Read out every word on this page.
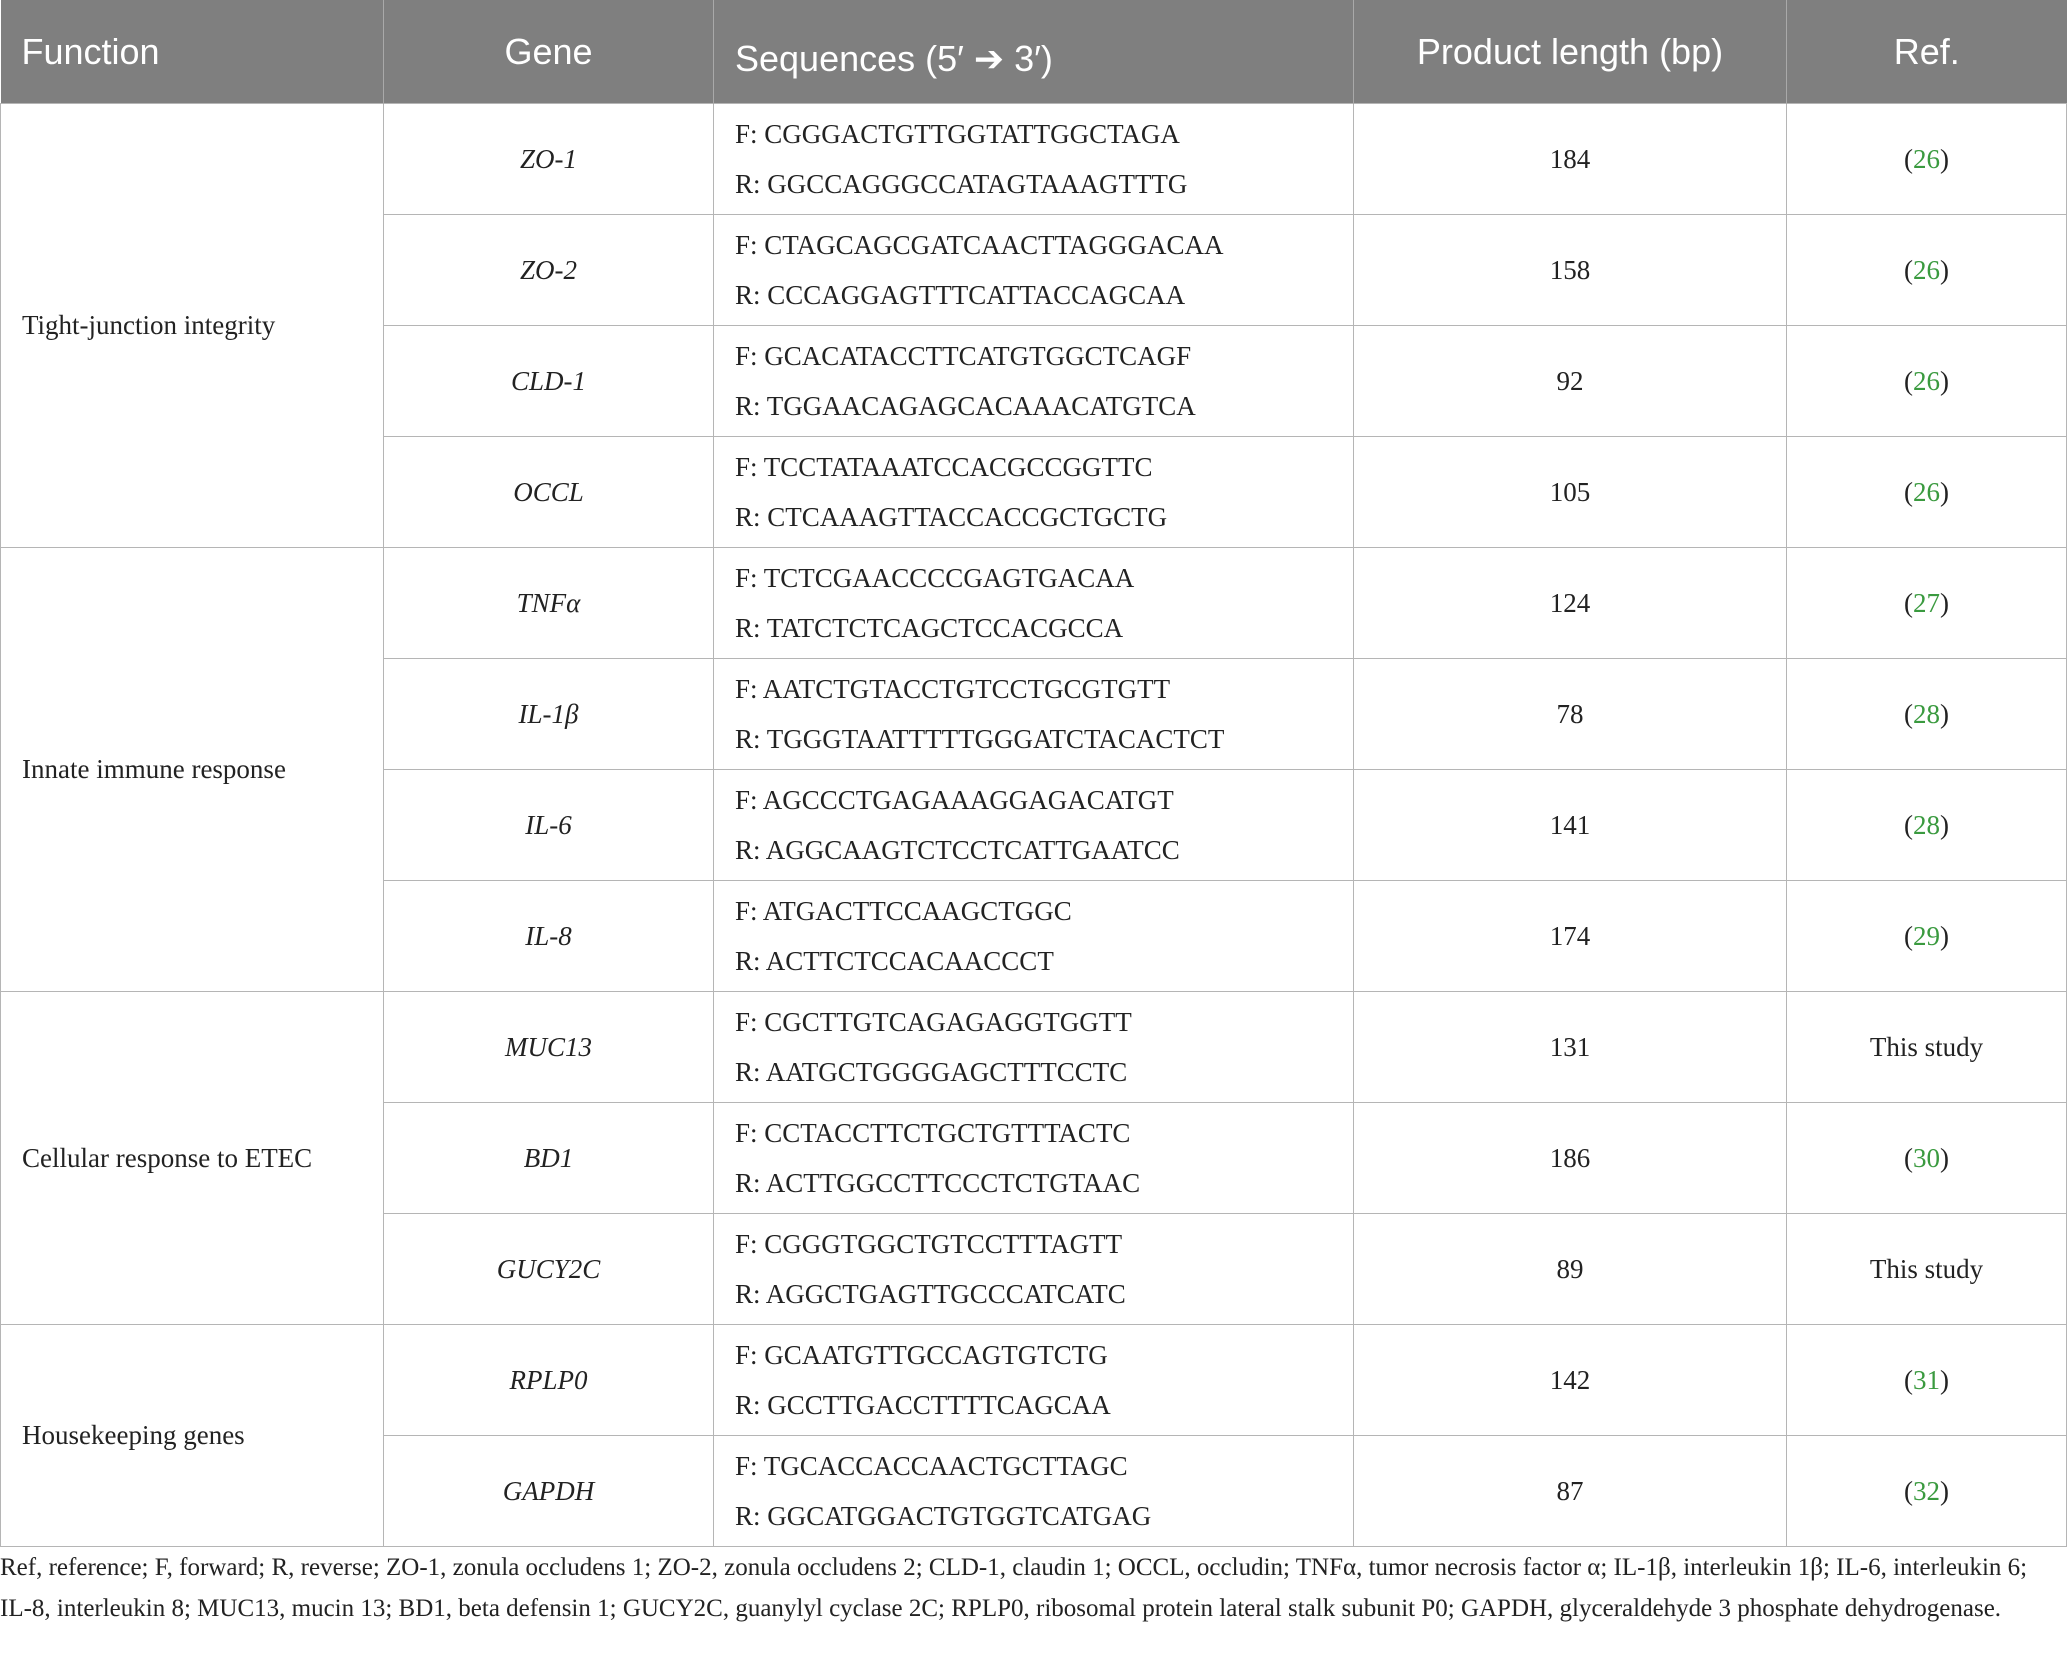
Function	Gene	Sequences (5′ ➔ 3′)	Product length (bp)	Ref.
Tight-junction integrity	ZO-1	F: CGGGACTGTTGGTATTGGCTAGA
R: GGCCAGGGCCATAGTAAAGTTTG	184	(26)
	ZO-2	F: CTAGCAGCGATCAACTTAGGGACAA
R: CCCAGGAGTTTCATTACCAGCAA	158	(26)
	CLD-1	F: GCACATACCTTCATGTGGCTCAGF
R: TGGAACAGAGCACAAACATGTCA	92	(26)
	OCCL	F: TCCTATAAATCCACGCCGGTTC
R: CTCAAAGTTACCACCGCTGCTG	105	(26)
Innate immune response	TNFα	F: TCTCGAACCCCGAGTGACAA
R: TATCTCTCAGCTCCACGCCA	124	(27)
	IL-1β	F: AATCTGTACCTGTCCTGCGTGTT
R: TGGGTAATTTTTGGGATCTACACTCT	78	(28)
	IL-6	F: AGCCCTGAGAAAGGAGACATGT
R: AGGCAAGTCTCCTCATTGAATCC	141	(28)
	IL-8	F: ATGACTTCCAAGCTGGC
R: ACTTCTCCACAACCCT	174	(29)
Cellular response to ETEC	MUC13	F: CGCTTGTCAGAGAGGTGGTT
R: AATGCTGGGGAGCTTTCCTC	131	This study
	BD1	F: CCTACCTTCTGCTGTTTACTC
R: ACTTGGCCTTCCCTCTGTAAC	186	(30)
	GUCY2C	F: CGGGTGGCTGTCCTTTAGTT
R: AGGCTGAGTTGCCCATCATC	89	This study
Housekeeping genes	RPLP0	F: GCAATGTTGCCAGTGTCTG
R: GCCTTGACCTTTTCAGCAA	142	(31)
	GAPDH	F: TGCACCACCAACTGCTTAGC
R: GGCATGGACTGTGGTCATGAG	87	(32)
Ref, reference; F, forward; R, reverse; ZO-1, zonula occludens 1; ZO-2, zonula occludens 2; CLD-1, claudin 1; OCCL, occludin; TNFα, tumor necrosis factor α; IL-1β, interleukin 1β; IL-6, interleukin 6; IL-8, interleukin 8; MUC13, mucin 13; BD1, beta defensin 1; GUCY2C, guanylyl cyclase 2C; RPLP0, ribosomal protein lateral stalk subunit P0; GAPDH, glyceraldehyde 3 phosphate dehydrogenase.
